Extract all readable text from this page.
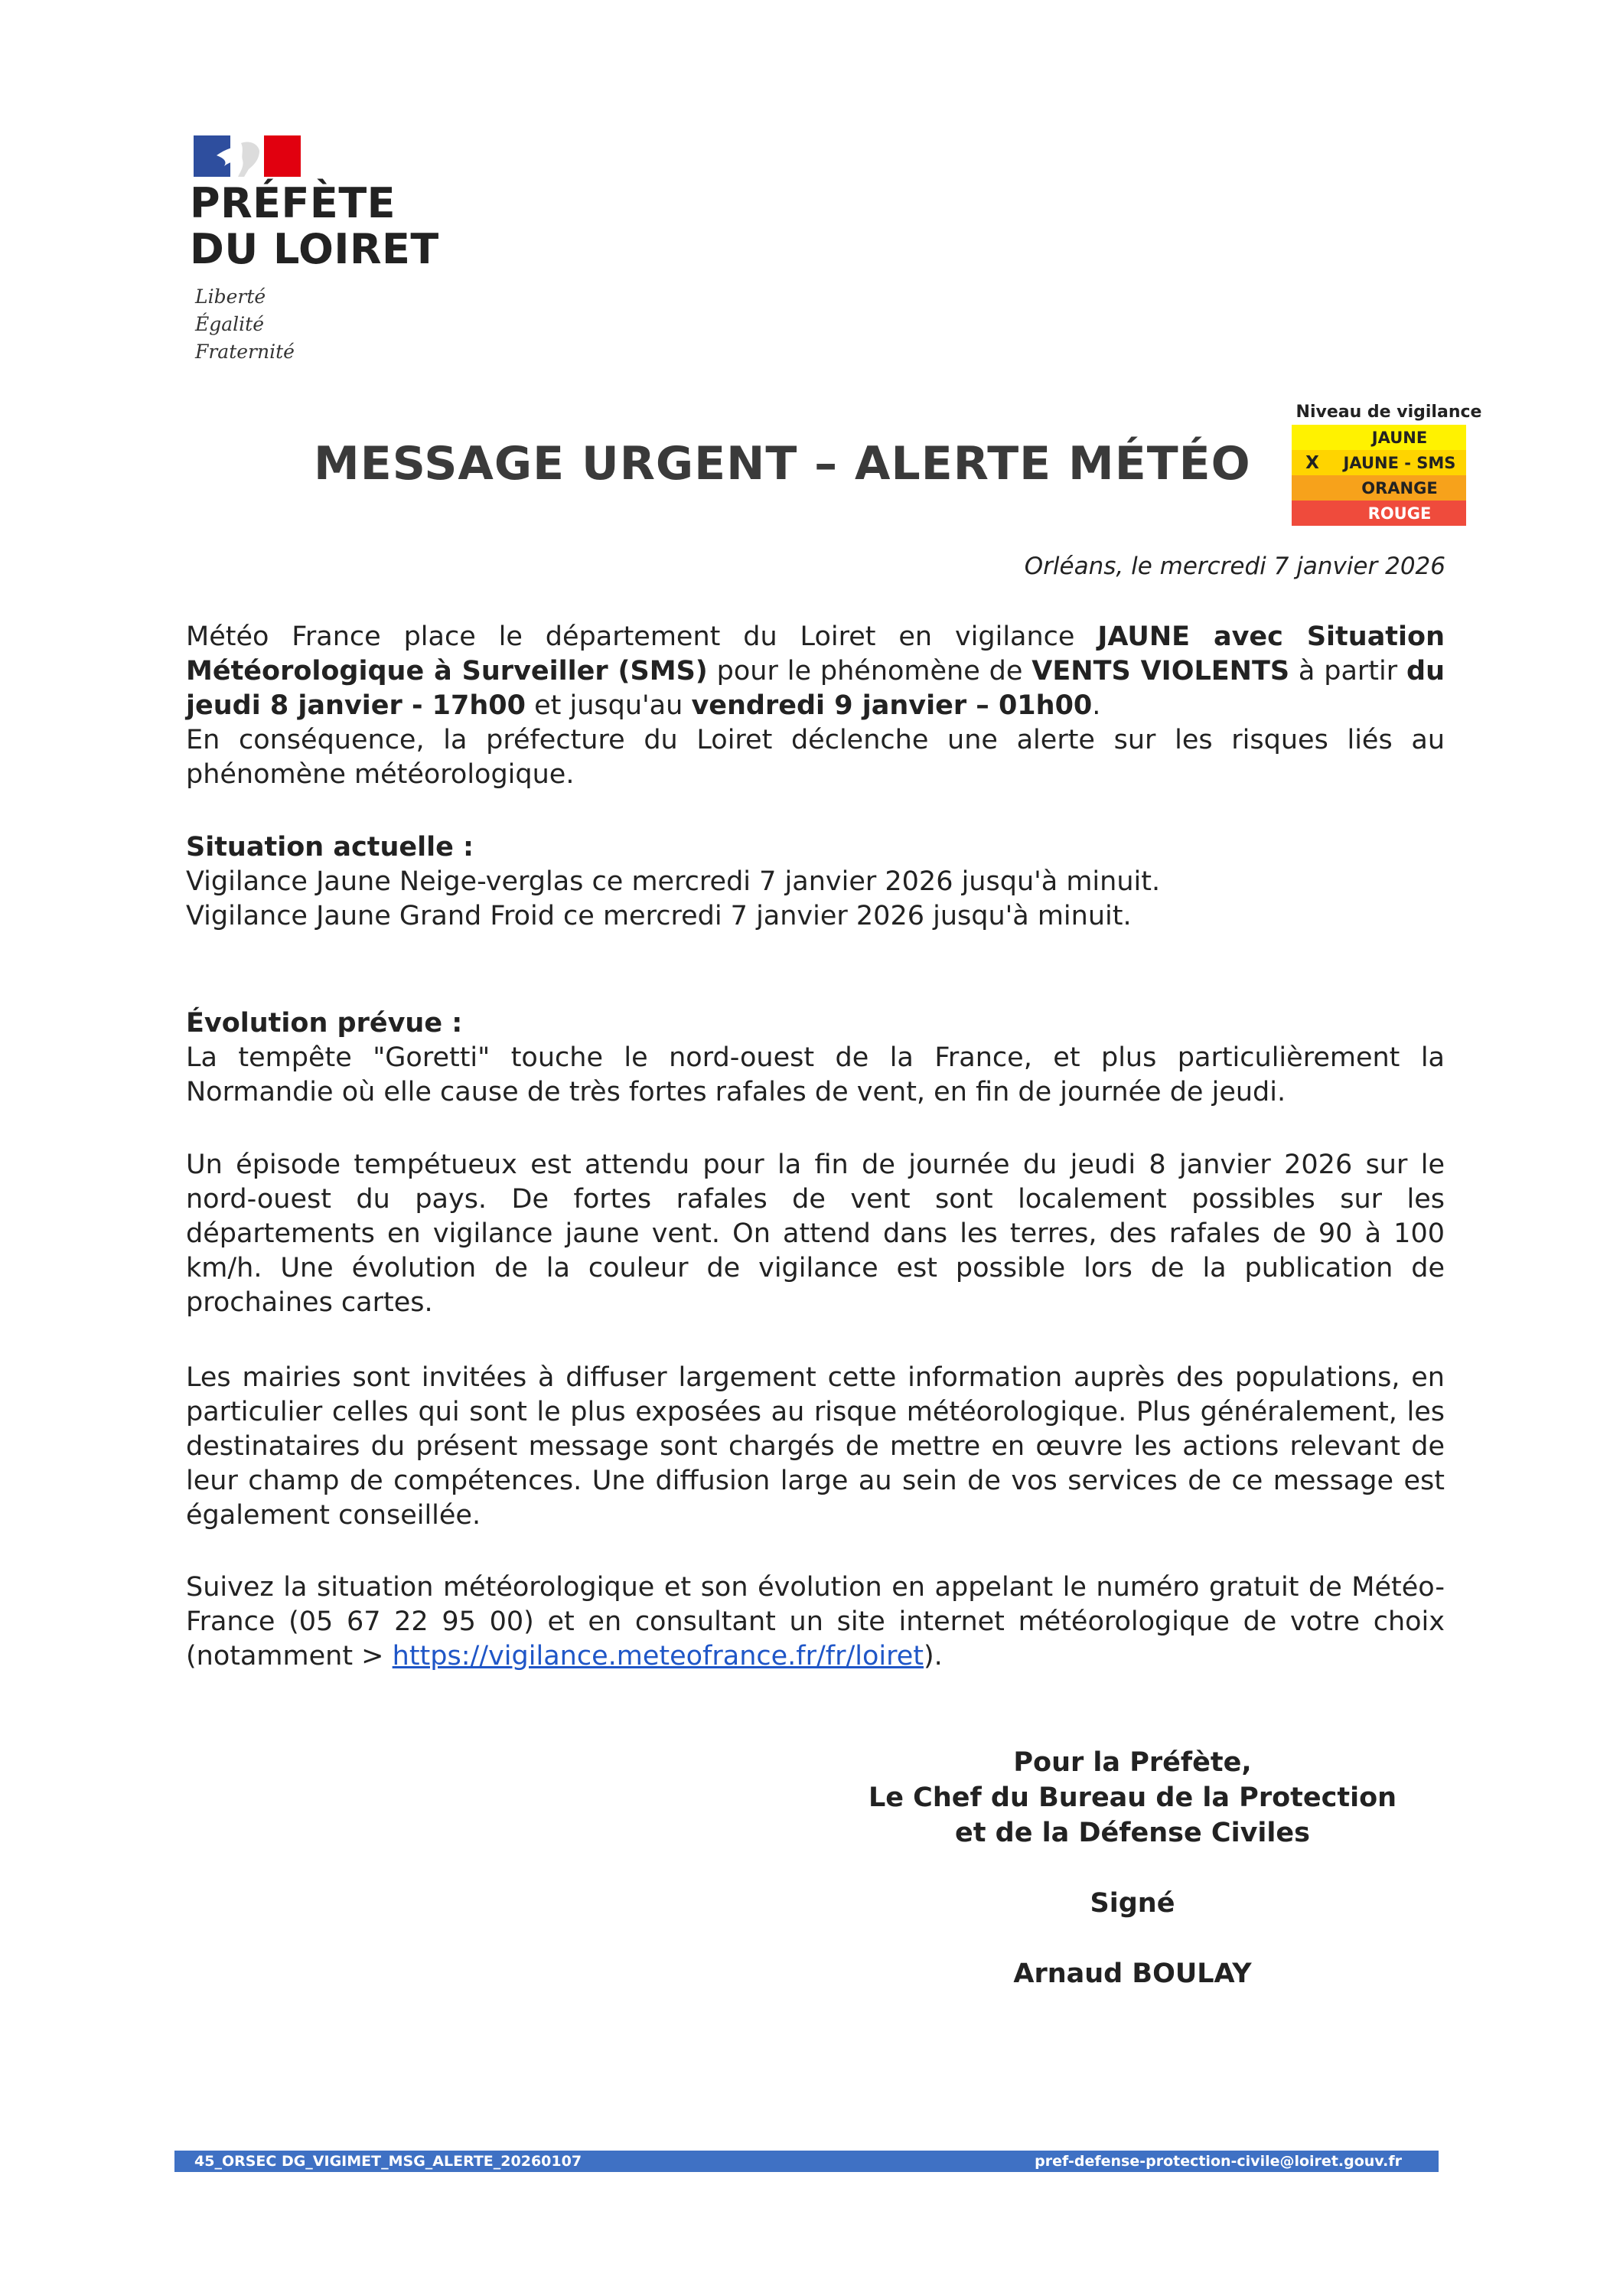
PRÉFÈTE
DU LOIRET
Liberté
Égalité
Fraternité
MESSAGE URGENT – ALERTE MÉTÉO
Niveau de vigilance
	JAUNE
X	JAUNE - SMS
	ORANGE
	ROUGE
Orléans, le mercredi 7 janvier 2026

Météo France place le département du Loiret en vigilance JAUNE avec Situation Météorologique à Surveiller (SMS) pour le phénomène de VENTS VIOLENTS à partir du jeudi 8 janvier - 17h00 et jusqu'au vendredi 9 janvier – 01h00.

En conséquence, la préfecture du Loiret déclenche une alerte sur les risques liés au phénomène météorologique.

Situation actuelle :

Vigilance Jaune Neige-verglas ce mercredi 7 janvier 2026 jusqu'à minuit.

Vigilance Jaune Grand Froid ce mercredi 7 janvier 2026 jusqu'à minuit.

Évolution prévue :

La tempête "Goretti" touche le nord-ouest de la France, et plus particulièrement la Normandie où elle cause de très fortes rafales de vent, en fin de journée de jeudi.

Un épisode tempétueux est attendu pour la fin de journée du jeudi 8 janvier 2026 sur le nord-ouest du pays. De fortes rafales de vent sont localement possibles sur les départements en vigilance jaune vent. On attend dans les terres, des rafales de 90 à 100 km/h. Une évolution de la couleur de vigilance est possible lors de la publication de prochaines cartes.
Les mairies sont invitées à diffuser largement cette information auprès des populations, en particulier celles qui sont le plus exposées au risque météorologique. Plus généralement, les destinataires du présent message sont chargés de mettre en œuvre les actions relevant de leur champ de compétences. Une diffusion large au sein de vos services de ce message est également conseillée.
Suivez la situation météorologique et son évolution en appelant le numéro gratuit de Météo-France (05 67 22 95 00) et en consultant un site internet météorologique de votre choix (notamment > https://vigilance.meteofrance.fr/fr/loiret).
Pour la Préfète,
Le Chef du Bureau de la Protection
et de la Défense Civiles
Signé
Arnaud BOULAY
45_ORSEC DG_VIGIMET_MSG_ALERTE_20260107	pref-defense-protection-civile@loiret.gouv.fr
